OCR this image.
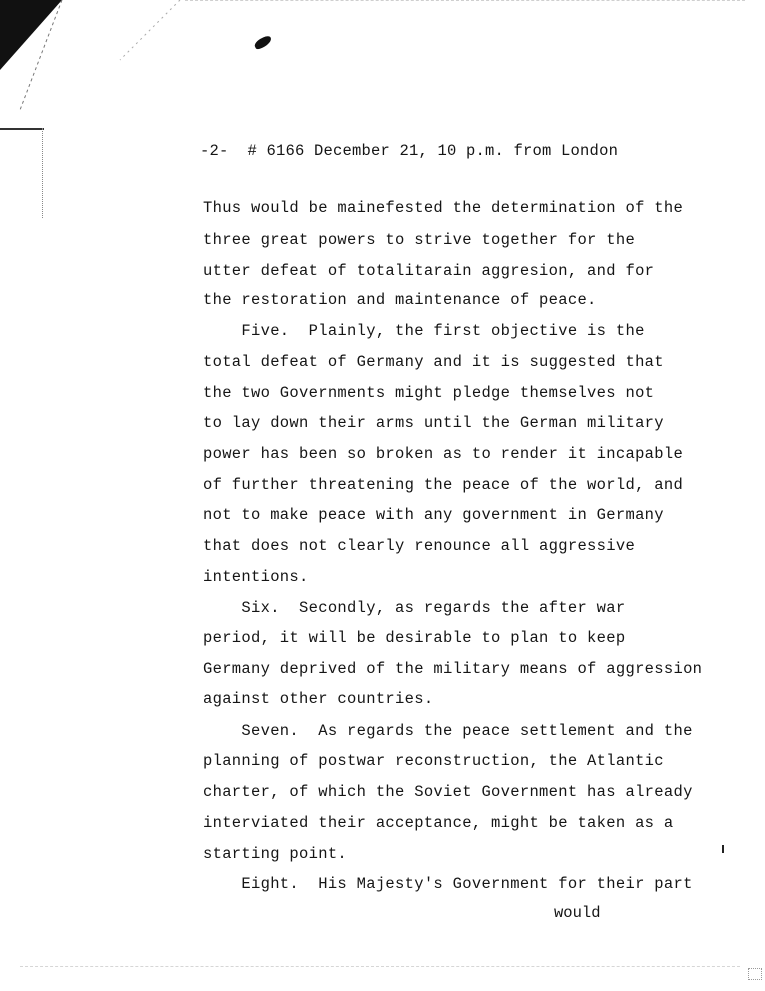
-2-  # 6166 December 21, 10 p.m. from London
Thus would be mainefested the determination of the
three great powers to strive together for the
utter defeat of totalitarain aggresion, and for
the restoration and maintenance of peace.
Five.  Plainly, the first objective is the
total defeat of Germany and it is suggested that
the two Governments might pledge themselves not
to lay down their arms until the German military
power has been so broken as to render it incapable
of further threatening the peace of the world, and
not to make peace with any government in Germany
that does not clearly renounce all aggressive
intentions.
Six.  Secondly, as regards the after war
period, it will be desirable to plan to keep
Germany deprived of the military means of aggression
against other countries.
Seven.  As regards the peace settlement and the
planning of postwar reconstruction, the Atlantic
charter, of which the Soviet Government has already
interviated their acceptance, might be taken as a
starting point.
Eight.  His Majesty's Government for their part
would
